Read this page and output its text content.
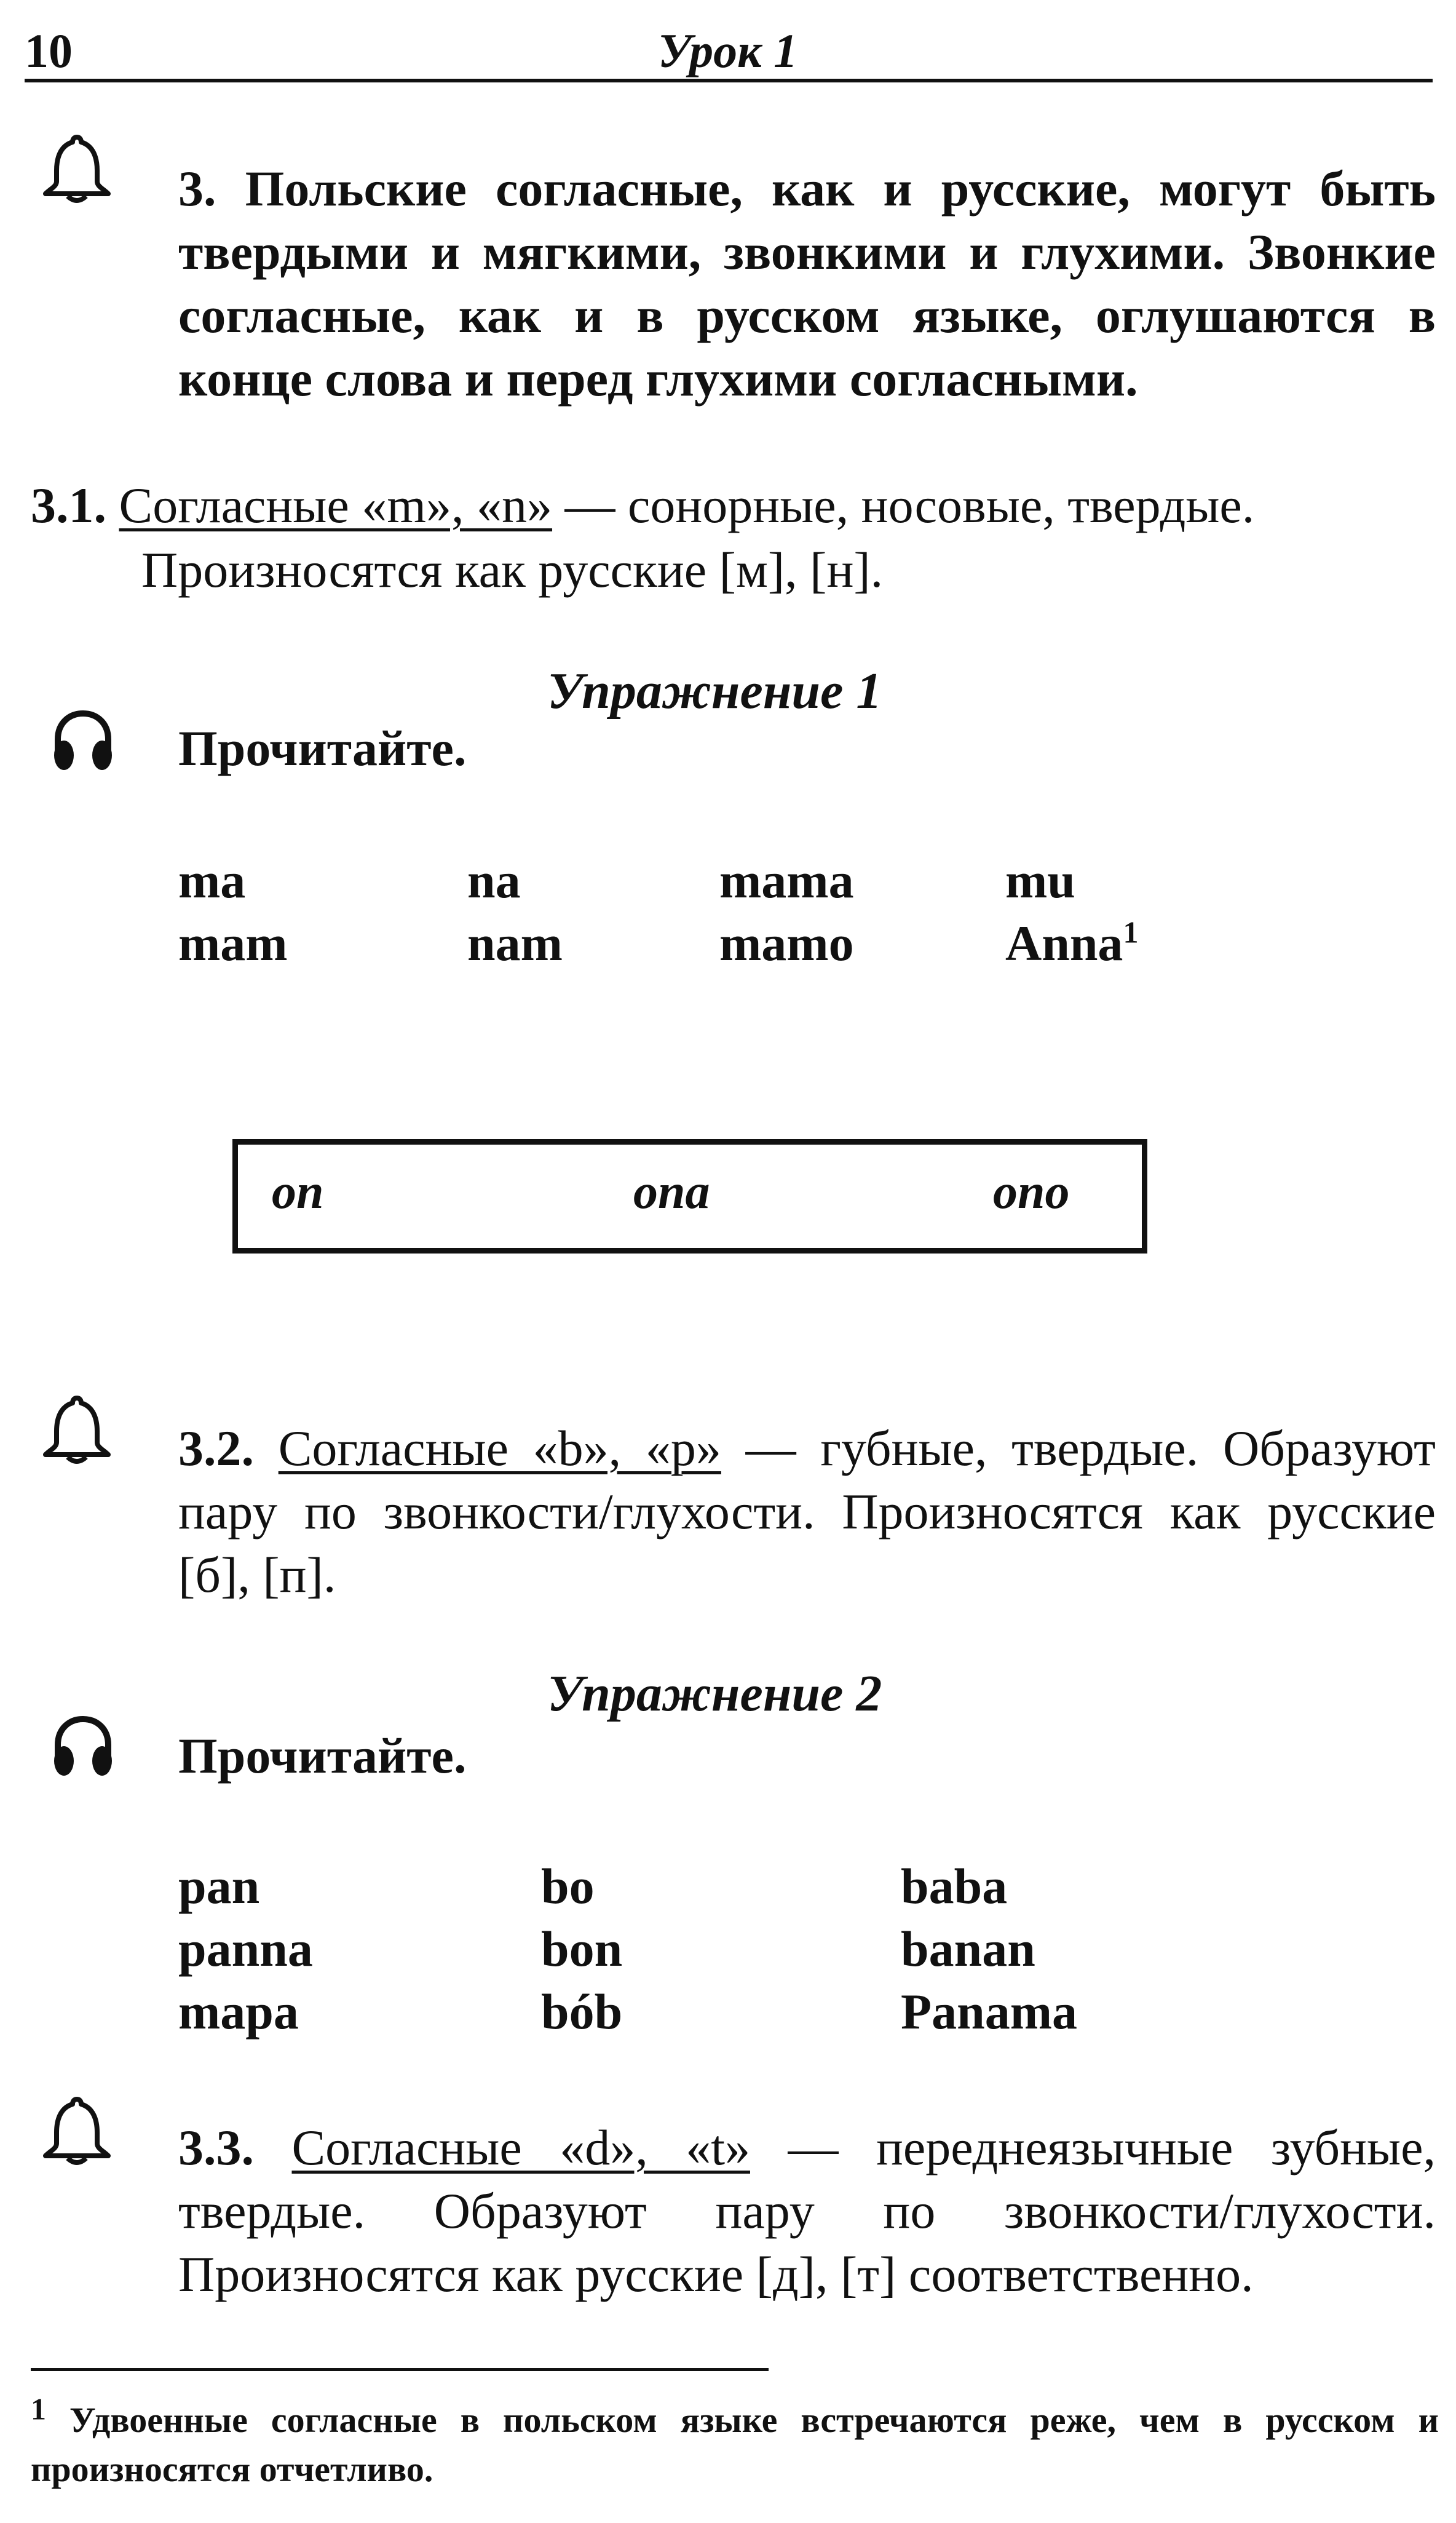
10	Урок 1
3. Польские согласные, как и русские, могут быть твердыми и мягкими, звонкими и глухими. Звонкие согласные, как и в русском языке, оглушаются в конце слова и перед глухими согласными.
3.1. Согласные «m», «n» — сонорные, носовые, твердые.
Произносятся как русские [м], [н].
Упражнение 1
Прочитайте.
ma	na	mama	mu
mam	nam	mamo	Anna$^1$
on	ona	ono
3.2. Согласные «b», «p» — губные, твердые. Образуют пару по звонкости/глухости. Произносятся как русские [б], [п].
Упражнение 2
Прочитайте.
pan	bo	baba
panna	bon	banan
mapa	bób	Panama
3.3. Согласные «d», «t» — переднеязычные зубные, твердые. Образуют пару по звонкости/глухости. Произносятся как русские [д], [т] соответственно.
1 Удвоенные согласные в польском языке встречаются реже, чем в русском и произносятся отчетливо.
